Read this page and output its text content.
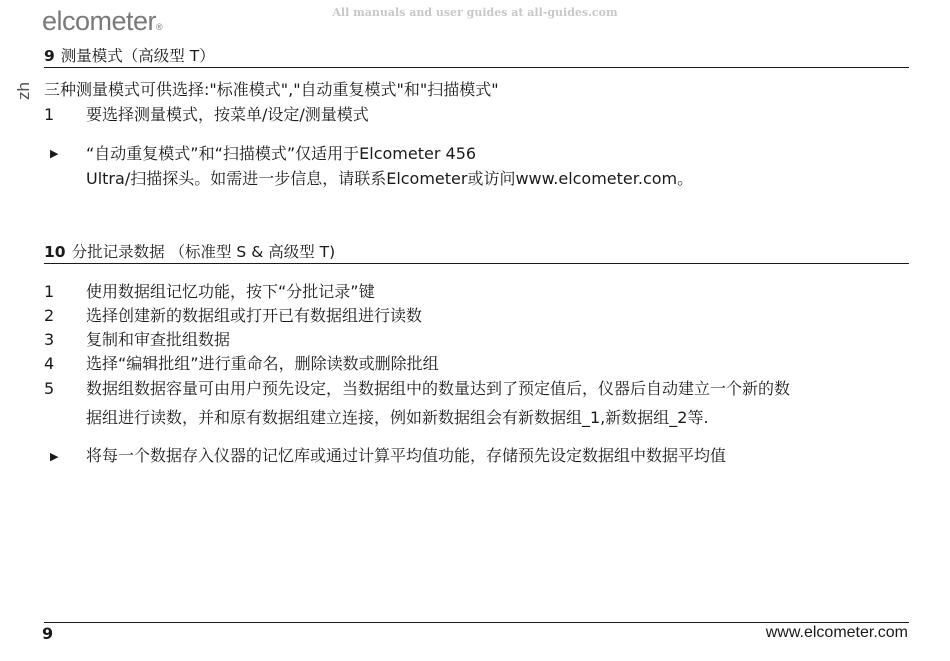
All manuals and user guides at all-guides.com
elcometer®
zh
9 测量模式（高级型 T）
三种测量模式可供选择:"标准模式","自动重复模式"和"扫描模式"
1	要选择测量模式，按菜单/设定/测量模式
▶ “自动重复模式”和“扫描模式”仅适用于Elcometer 456
Ultra/扫描探头。如需进一步信息，请联系Elcometer或访问www.elcometer.com。
10 分批记录数据 （标准型 S & 高级型 T)
1	使用数据组记忆功能，按下“分批记录”键
2	选择创建新的数据组或打开已有数据组进行读数
3	复制和审查批组数据
4	选择“编辑批组”进行重命名，删除读数或删除批组
5	数据组数据容量可由用户预先设定，当数据组中的数量达到了预定值后，仪器后自动建立一个新的数
据组进行读数，并和原有数据组建立连接，例如新数据组会有新数据组_1,新数据组_2等.
▶ 将每一个数据存入仪器的记忆库或通过计算平均值功能，存储预先设定数据组中数据平均值
9	www.elcometer.com
